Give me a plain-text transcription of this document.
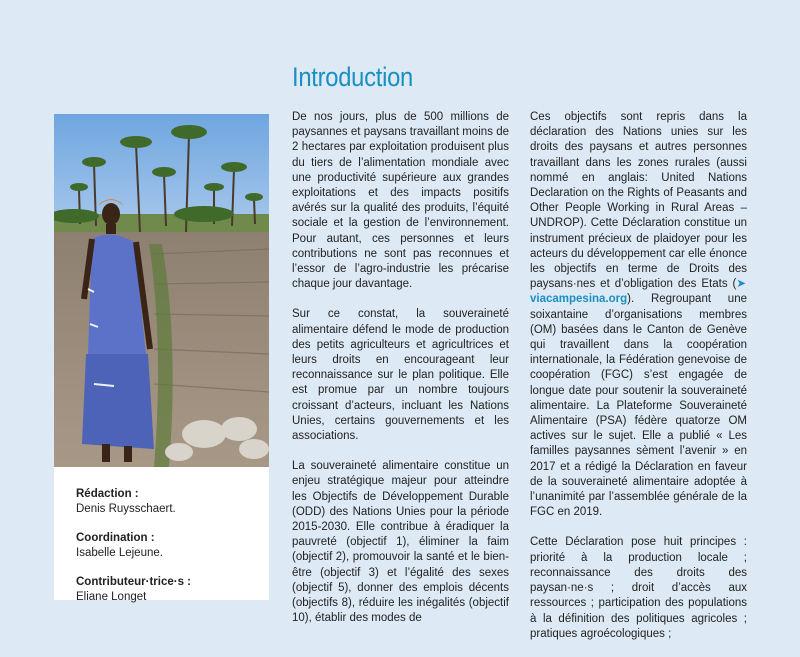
Introduction
Rédaction :
Denis Ruysschaert.
Coordination :
Isabelle Lejeune.
Contributeur·trice·s :
Eliane Longet

De nos jours, plus de 500 millions de paysannes et paysans travaillant moins de 2 hectares par exploitation produisent plus du tiers de l’alimentation mondiale avec une productivité supérieure aux grandes exploitations et des impacts positifs avérés sur la qualité des produits, l’équité sociale et la gestion de l’environnement. Pour autant, ces personnes et leurs contributions ne sont pas reconnues et l’essor de l’agro-industrie les précarise chaque jour davantage.

Sur ce constat, la souveraineté alimentaire défend le mode de production des petits agriculteurs et agricultrices et leurs droits en encourageant leur reconnaissance sur le plan politique. Elle est promue par un nombre toujours croissant d’acteurs, incluant les Nations Unies, certains gouvernements et les associations.

La souveraineté alimentaire constitue un enjeu stratégique majeur pour atteindre les Objectifs de Développement Durable (ODD) des Nations Unies pour la période 2015-2030. Elle contribue à éradiquer la pauvreté (objectif 1), éliminer la faim (objectif 2), promouvoir la santé et le bien-être (objectif 3) et l’égalité des sexes (objectif 5), donner des emplois décents (objectifs 8), réduire les inégalités (objectif 10), établir des modes de

Ces objectifs sont repris dans la déclaration des Nations unies sur les droits des paysans et autres personnes travaillant dans les zones rurales (aussi nommé en anglais: United Nations Declaration on the Rights of Peasants and Other People Working in Rural Areas – UNDROP). Cette Déclaration constitue un instrument précieux de plaidoyer pour les acteurs du développement car elle énonce les objectifs en terme de Droits des paysans·nes et d’obligation des Etats (➤ viacampesina.org). Regroupant une soixantaine d’organisations membres (OM) basées dans le Canton de Genève qui travaillent dans la coopération internationale, la Fédération genevoise de coopération (FGC) s’est engagée de longue date pour soutenir la souveraineté alimentaire. La Plateforme Souveraineté Alimentaire (PSA) fédère quatorze OM actives sur le sujet. Elle a publié « Les familles paysannes sèment l’avenir » en 2017 et a rédigé la Déclaration en faveur de la souveraineté alimentaire adoptée à l’unanimité par l’assemblée générale de la FGC en 2019.

Cette Déclaration pose huit principes : priorité à la production locale ; reconnaissance des droits des paysan·ne·s ; droit d’accès aux ressources ; participation des populations à la définition des politiques agricoles ; pratiques agroécologiques ;
